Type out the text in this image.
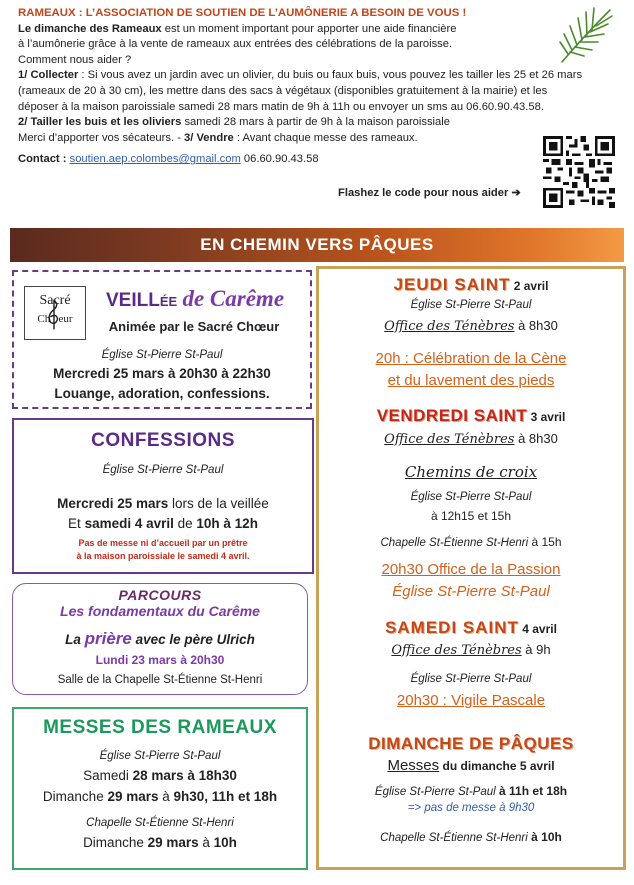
RAMEAUX : L’ASSOCIATION DE SOUTIEN DE L’AUMÔNERIE A BESOIN DE VOUS !

Le dimanche des Rameaux est un moment important pour apporter une aide financière

à l’aumônerie grâce à la vente de rameaux aux entrées des célébrations de la paroisse.

Comment nous aider ?

1/ Collecter : Si vous avez un jardin avec un olivier, du buis ou faux buis, vous pouvez les tailler les 25 et 26 mars

(rameaux de 20 à 30 cm), les mettre dans des sacs à végétaux (disponibles gratuitement à la mairie) et les

déposer à la maison paroissiale samedi 28 mars matin de 9h à 11h ou envoyer un sms au 06.60.90.43.58.

2/ Tailler les buis et les oliviers samedi 28 mars à partir de 9h à la maison paroissiale

Merci d’apporter vos sécateurs. - 3/ Vendre : Avant chaque messe des rameaux.

Contact : soutien.aep.colombes@gmail.com 06.60.90.43.58

Flashez le code pour nous aider ➔
EN CHEMIN VERS PÂQUES
Sacré
Ch   eur
VEILLée de Carême
Animée par le Sacré Chœur
Église St-Pierre St-Paul
Mercredi 25 mars à 20h30 à 22h30
Louange, adoration, confessions.
CONFESSIONS
Église St-Pierre St-Paul
Mercredi 25 mars lors de la veillée
Et samedi 4 avril de 10h à 12h
Pas de messe ni d’accueil par un prêtre
à la maison paroissiale le samedi 4 avril.
PARCOURS
Les fondamentaux du Carême
La prière avec le père Ulrich
Lundi 23 mars à 20h30
Salle de la Chapelle St-Étienne St-Henri
MESSES DES RAMEAUX
Église St-Pierre St-Paul
Samedi 28 mars à 18h30
Dimanche 29 mars à 9h30, 11h et 18h
Chapelle St-Étienne St-Henri
Dimanche 29 mars à 10h
JEUDI SAINT 2 avril
Église St-Pierre St-Paul
Office des Ténèbres à 8h30
20h : Célébration de la Cène
et du lavement des pieds
VENDREDI SAINT 3 avril
Office des Ténèbres à 8h30
Chemins de croix
Église St-Pierre St-Paul
à 12h15 et 15h
Chapelle St-Étienne St-Henri à 15h
20h30 Office de la Passion
Église St-Pierre St-Paul
SAMEDI SAINT 4 avril
Office des Ténèbres à 9h
Église St-Pierre St-Paul
20h30 : Vigile Pascale
DIMANCHE DE PÂQUES
Messes du dimanche 5 avril
Église St-Pierre St-Paul à 11h et 18h
=> pas de messe à 9h30
Chapelle St-Étienne St-Henri à 10h
